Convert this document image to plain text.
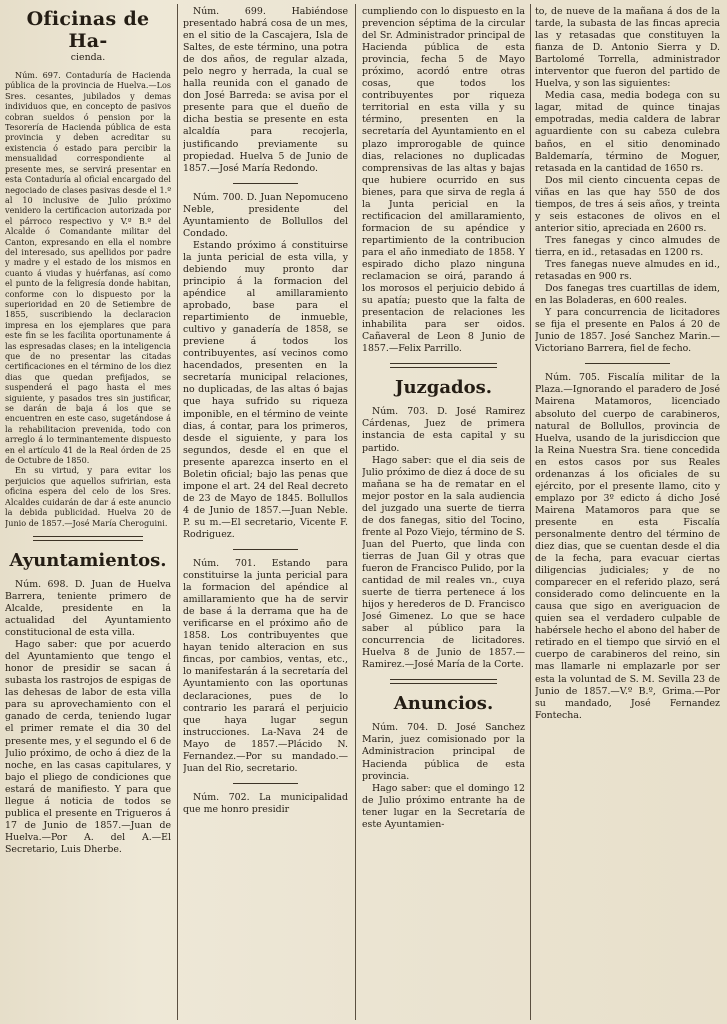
Oficinas de Ha-
cienda.

Núm. 697. Contaduría de Hacienda pública de la provincia de Huelva.—Los Sres. cesantes, jubilados y demas individuos que, en concepto de pasivos cobran sueldos ó pension por la Tesorería de Hacienda pública de esta provincia y deben acreditar su existencia ó estado para percibir la mensualidad correspondiente al presente mes, se servirá presentar en esta Contaduría al oficial encargado del negociado de clases pasivas desde el 1.º al 10 inclusive de Julio próximo venidero la certificacion autorizada por el párroco respectivo y V.º B.º del Alcalde ó Comandante militar del Canton, expresando en ella el nombre del interesado, sus apellidos por padre y madre y el estado de los mismos en cuanto á viudas y huérfanas, así como el punto de la feligresía donde habitan, conforme con lo dispuesto por la superioridad en 20 de Setiembre de 1855, suscribiendo la declaracion impresa en los ejemplares que para este fin se les facilita oportunamente á las espresadas clases; en la inteligencia que de no presentar las citadas certificaciones en el término de los diez dias que quedan prefijados, se suspenderá el pago hasta el mes siguiente, y pasados tres sin justificar, se darán de baja á los que se encuentren en este caso, sugetándose á la rehabilitacion prevenida, todo con arreglo á lo terminantemente dispuesto en el artículo 41 de la Real órden de 25 de Octubre de 1850.

En su virtud, y para evitar los perjuicios que aquellos sufririan, esta oficina espera del celo de los Sres. Alcaldes cuidarán de dar á este anuncio la debida publicidad. Huelva 20 de Junio de 1857.—José María Cheroguini.

Ayuntamientos.

Núm. 698. D. Juan de Huelva Barrera, teniente primero de Alcalde, presidente en la actualidad del Ayuntamiento constitucional de esta villa.

Hago saber: que por acuerdo del Ayuntamiento que tengo el honor de presidir se sacan á subasta los rastrojos de espigas de las dehesas de labor de esta villa para su aprovechamiento con el ganado de cerda, teniendo lugar el primer remate el dia 30 del presente mes, y el segundo el 6 de Julio próximo, de ocho á diez de la noche, en las casas capitulares, y bajo el pliego de condiciones que estará de manifiesto. Y para que llegue á noticia de todos se publica el presente en Trigueros á 17 de Junio de 1857.—Juan de Huelva.—Por A. del A.—El Secretario, Luis Dherbe.

Núm. 699. Habiéndose presentado habrá cosa de un mes, en el sitio de la Cascajera, Isla de Saltes, de este término, una potra de dos años, de regular alzada, pelo negro y herrada, la cual se halla reunida con el ganado de don José Barreda: se avisa por el presente para que el dueño de dicha bestia se presente en esta alcaldía para recojerla, justificando previamente su propiedad. Huelva 5 de Junio de 1857.—José María Redondo.

Núm. 700. D. Juan Nepomuceno Neble, presidente del Ayuntamiento de Bollullos del Condado.

Estando próximo á constituirse la junta pericial de esta villa, y debiendo muy pronto dar principio á la formacion del apéndice al amillaramiento aprobado, base para el repartimiento de inmueble, cultivo y ganadería de 1858, se previene á todos los contribuyentes, así vecinos como hacendados, presenten en la secretaría municipal relaciones, no duplicadas, de las altas ó bajas que haya sufrido su riqueza imponible, en el término de veinte dias, á contar, para los primeros, desde el siguiente, y para los segundos, desde el en que el presente aparezca inserto en el Boletin oficial; bajo las penas que impone el art. 24 del Real decreto de 23 de Mayo de 1845. Bollullos 4 de Junio de 1857.—Juan Neble. P. su m.—El secretario, Vicente F. Rodriguez.

Núm. 701. Estando para constituirse la junta pericial para la formacion del apéndice al amillaramiento que ha de servir de base á la derrama que ha de verificarse en el próximo año de 1858. Los contribuyentes que hayan tenido alteracion en sus fincas, por cambios, ventas, etc., lo manifestarán á la secretaría del Ayuntamiento con las oportunas declaraciones, pues de lo contrario les parará el perjuicio que haya lugar segun instrucciones. La-Nava 24 de Mayo de 1857.—Plácido N. Fernandez.—Por su mandado.—Juan del Rio, secretario.

Núm. 702. La municipalidad que me honro presidir

cumpliendo con lo dispuesto en la prevencion séptima de la circular del Sr. Administrador principal de Hacienda pública de esta provincia, fecha 5 de Mayo próximo, acordó entre otras cosas, que todos los contribuyentes por riqueza territorial en esta villa y su término, presenten en la secretaría del Ayuntamiento en el plazo improrogable de quince dias, relaciones no duplicadas comprensivas de las altas y bajas que hubiere ocurrido en sus bienes, para que sirva de regla á la Junta pericial en la rectificacion del amillaramiento, formacion de su apéndice y repartimiento de la contribucion para el año inmediato de 1858. Y espirado dicho plazo ninguna reclamacion se oirá, parando á los morosos el perjuicio debido á su apatía; puesto que la falta de presentacion de relaciones les inhabilita para ser oidos. Cañaveral de Leon 8 Junio de 1857.—Felix Parrillo.

Juzgados.

Núm. 703. D. José Ramirez Cárdenas, Juez de primera instancia de esta capital y su partido.

Hago saber: que el dia seis de Julio próximo de diez á doce de su mañana se ha de rematar en el mejor postor en la sala audiencia del juzgado una suerte de tierra de dos fanegas, sitio del Tocino, frente al Pozo Viejo, término de S. Juan del Puerto, que linda con tierras de Juan Gil y otras que fueron de Francisco Pulido, por la cantidad de mil reales vn., cuya suerte de tierra pertenece á los hijos y herederos de D. Francisco José Gimenez. Lo que se hace saber al público para la concurrencia de licitadores. Huelva 8 de Junio de 1857.—Ramirez.—José María de la Corte.

Anuncios.

Núm. 704. D. José Sanchez Marin, juez comisionado por la Administracion principal de Hacienda pública de esta provincia.

Hago saber: que el domingo 12 de Julio próximo entrante ha de tener lugar en la Secretaría de este Ayuntamien-

to, de nueve de la mañana á dos de la tarde, la subasta de las fincas aprecia las y retasadas que constituyen la fianza de D. Antonio Sierra y D. Bartolomé Torrella, administrador interventor que fueron del partido de Huelva, y son las siguientes:

Media casa, media bodega con su lagar, mitad de quince tinajas empotradas, media caldera de labrar aguardiente con su cabeza culebra baños, en el sitio denominado Baldemaría, término de Moguer, retasada en la cantidad de 1650 rs.

Dos mil ciento cincuenta cepas de viñas en las que hay 550 de dos tiempos, de tres á seis años, y treinta y seis estacones de olivos en el anterior sitio, apreciada en 2600 rs.

Tres fanegas y cinco almudes de tierra, en id., retasadas en 1200 rs.

Tres fanegas nueve almudes en id., retasadas en 900 rs.

Dos fanegas tres cuartillas de idem, en las Boladeras, en 600 reales.

Y para concurrencia de licitadores se fija el presente en Palos á 20 de Junio de 1857. José Sanchez Marin.—Victoriano Barrera, fiel de fecho.

Núm. 705. Fiscalía militar de la Plaza.—Ignorando el paradero de José Mairena Matamoros, licenciado absoluto del cuerpo de carabineros, natural de Bollullos, provincia de Huelva, usando de la jurisdiccion que la Reina Nuestra Sra. tiene concedida en estos casos por sus Reales ordenanzas á los oficiales de su ejército, por el presente llamo, cito y emplazo por 3º edicto á dicho José Mairena Matamoros para que se presente en esta Fiscalía personalmente dentro del término de diez dias, que se cuentan desde el dia de la fecha, para evacuar ciertas diligencias judiciales; y de no comparecer en el referido plazo, será considerado como delincuente en la causa que sigo en averiguacion de quien sea el verdadero culpable de habérsele hecho el abono del haber de retirado en el tiempo que sirvió en el cuerpo de carabineros del reino, sin mas llamarle ni emplazarle por ser esta la voluntad de S. M. Sevilla 23 de Junio de 1857.—V.º B.º, Grima.—Por su mandado, José Fernandez Fontecha.
